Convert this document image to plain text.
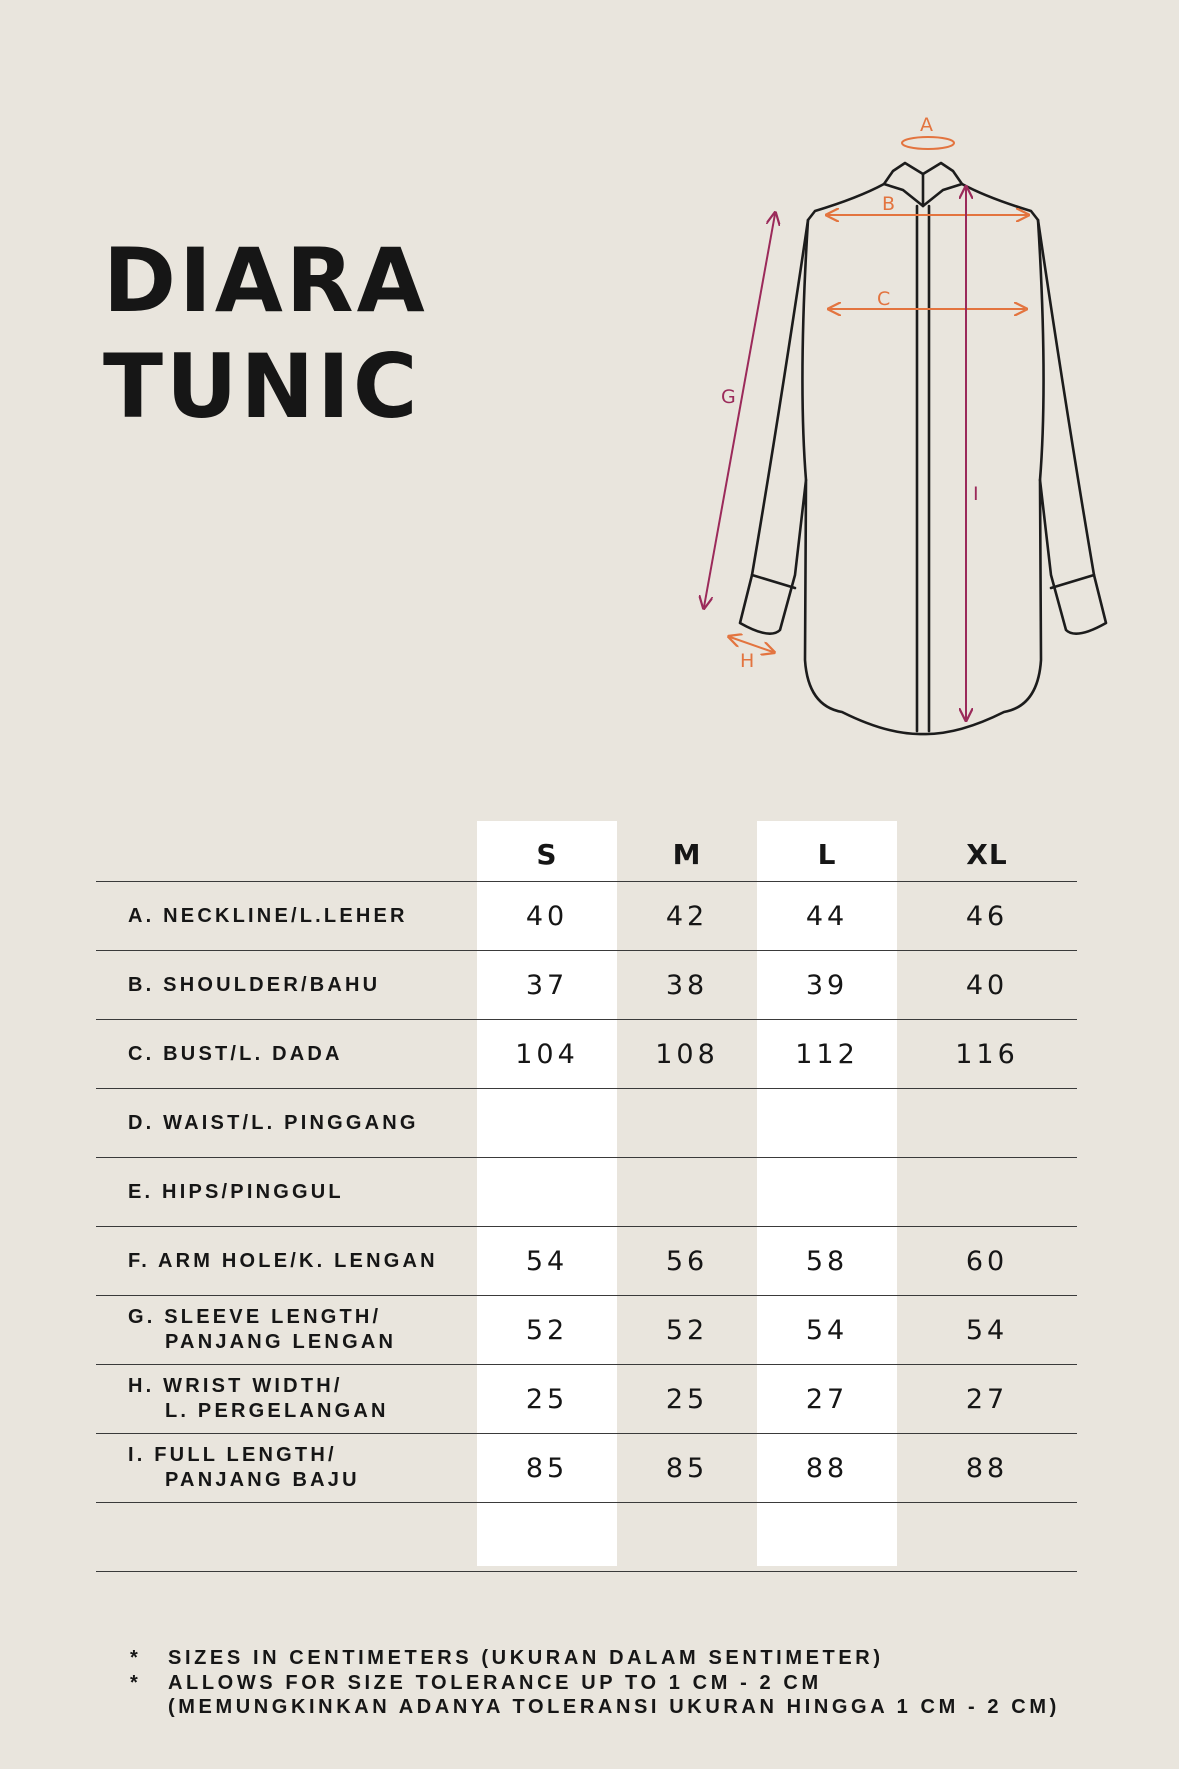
DIARA
TUNIC
A
B
C
G
H
I
S	M	L	XL
A. NECKLINE/L.LEHER	40	42	44	46
B. SHOULDER/BAHU	37	38	39	40
C. BUST/L. DADA	104	108	112	116
D. WAIST/L. PINGGANG
E. HIPS/PINGGUL
F. ARM HOLE/K. LENGAN	54	56	58	60
G. SLEEVE LENGTH/
PANJANG LENGAN	52	52	54	54
H. WRIST WIDTH/
L. PERGELANGAN	25	25	27	27
I. FULL LENGTH/
PANJANG BAJU	85	85	88	88
*	SIZES IN CENTIMETERS (UKURAN DALAM SENTIMETER)
*	ALLOWS FOR SIZE TOLERANCE UP TO 1 CM - 2 CM
(MEMUNGKINKAN ADANYA TOLERANSI UKURAN HINGGA 1 CM - 2 CM)
